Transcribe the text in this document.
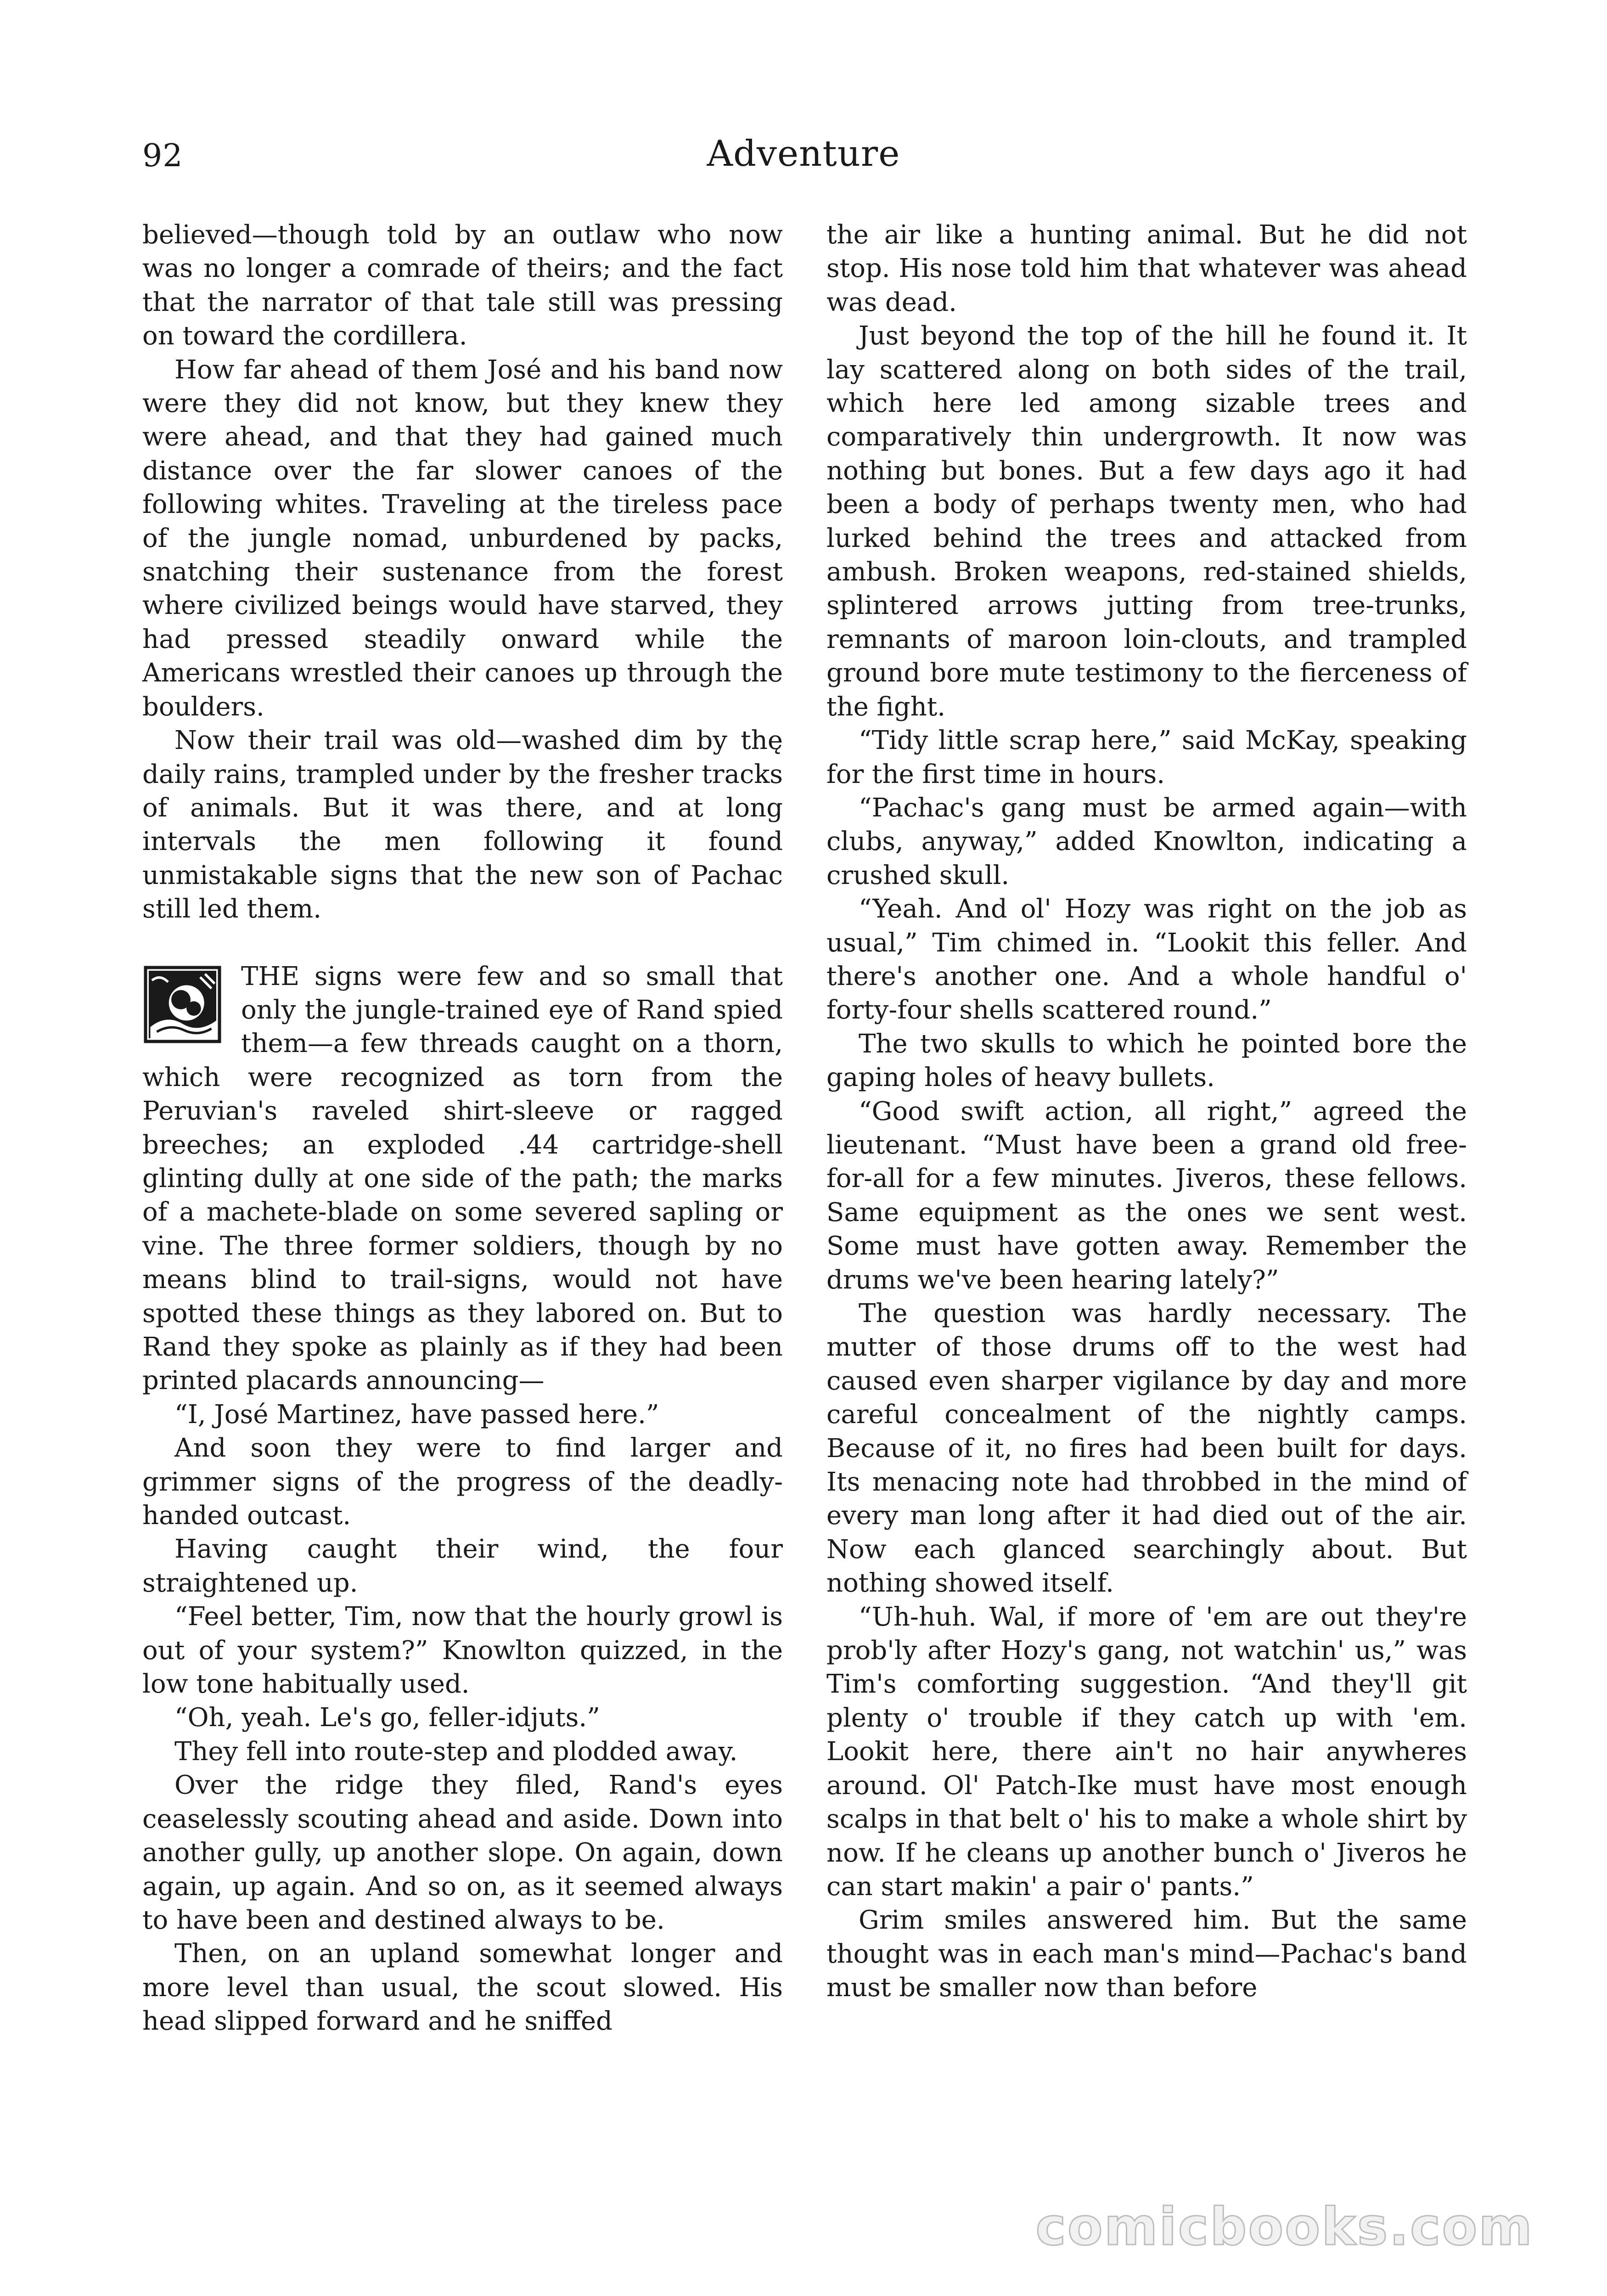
92	Adventure

believed—though told by an outlaw who now was no longer a comrade of theirs; and the fact that the narrator of that tale still was pressing on toward the cordillera.

How far ahead of them José and his band now were they did not know, but they knew they were ahead, and that they had gained much distance over the far slower canoes of the following whites. Traveling at the tireless pace of the jungle nomad, unburdened by packs, snatching their sustenance from the forest where civilized beings would have starved, they had pressed steadily onward while the Americans wrestled their canoes up through the boulders.

Now their trail was old—washed dim by thę daily rains, trampled under by the fresher tracks of animals. But it was there, and at long intervals the men following it found unmistakable signs that the new son of Pachac still led them.

THE signs were few and so small that only the jungle-trained eye of Rand spied them—a few threads caught on a thorn, which were recognized as torn from the Peruvian's raveled shirt-sleeve or ragged breeches; an exploded .44 cartridge-shell glinting dully at one side of the path; the marks of a machete-blade on some severed sapling or vine. The three former soldiers, though by no means blind to trail-signs, would not have spotted these things as they labored on. But to Rand they spoke as plainly as if they had been printed placards announcing—

“I, José Martinez, have passed here.”

And soon they were to find larger and grimmer signs of the progress of the deadly-handed outcast.

Having caught their wind, the four straightened up.

“Feel better, Tim, now that the hourly growl is out of your system?” Knowlton quizzed, in the low tone habitually used.

“Oh, yeah. Le's go, feller-idjuts.”

They fell into route-step and plodded away.

Over the ridge they filed, Rand's eyes ceaselessly scouting ahead and aside. Down into another gully, up another slope. On again, down again, up again. And so on, as it seemed always to have been and destined always to be.

Then, on an upland somewhat longer and more level than usual, the scout slowed. His head slipped forward and he sniffed

the air like a hunting animal. But he did not stop. His nose told him that whatever was ahead was dead.

Just beyond the top of the hill he found it. It lay scattered along on both sides of the trail, which here led among sizable trees and comparatively thin undergrowth. It now was nothing but bones. But a few days ago it had been a body of perhaps twenty men, who had lurked behind the trees and attacked from ambush. Broken weapons, red-stained shields, splintered arrows jutting from tree-trunks, remnants of maroon loin-clouts, and trampled ground bore mute testimony to the fierceness of the fight.

“Tidy little scrap here,” said McKay, speaking for the first time in hours.

“Pachac's gang must be armed again—with clubs, anyway,” added Knowlton, indicating a crushed skull.

“Yeah. And ol' Hozy was right on the job as usual,” Tim chimed in. “Lookit this feller. And there's another one. And a whole handful o' forty-four shells scattered round.”

The two skulls to which he pointed bore the gaping holes of heavy bullets.

“Good swift action, all right,” agreed the lieutenant. “Must have been a grand old free-for-all for a few minutes. Jiveros, these fellows. Same equipment as the ones we sent west. Some must have gotten away. Remember the drums we've been hearing lately?”

The question was hardly necessary. The mutter of those drums off to the west had caused even sharper vigilance by day and more careful concealment of the nightly camps. Because of it, no fires had been built for days. Its menacing note had throbbed in the mind of every man long after it had died out of the air. Now each glanced searchingly about. But nothing showed itself.

“Uh-huh. Wal, if more of 'em are out they're prob'ly after Hozy's gang, not watchin' us,” was Tim's comforting suggestion. “And they'll git plenty o' trouble if they catch up with 'em. Lookit here, there ain't no hair anywheres around. Ol' Patch-Ike must have most enough scalps in that belt o' his to make a whole shirt by now. If he cleans up another bunch o' Jiveros he can start makin' a pair o' pants.”

Grim smiles answered him. But the same thought was in each man's mind—Pachac's band must be smaller now than before

comicbooks.com
